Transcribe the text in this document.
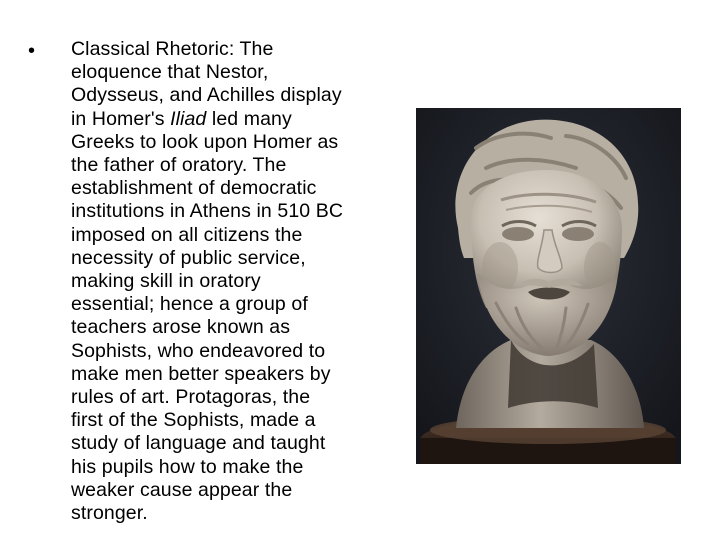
• Classical Rhetoric: The
eloquence that Nestor,
Odysseus, and Achilles display
in Homer's Iliad led many
Greeks to look upon Homer as
the father of oratory. The
establishment of democratic
institutions in Athens in 510 BC
imposed on all citizens the
necessity of public service,
making skill in oratory
essential; hence a group of
teachers arose known as
Sophists, who endeavored to
make men better speakers by
rules of art. Protagoras, the
first of the Sophists, made a
study of language and taught
his pupils how to make the
weaker cause appear the
stronger.
